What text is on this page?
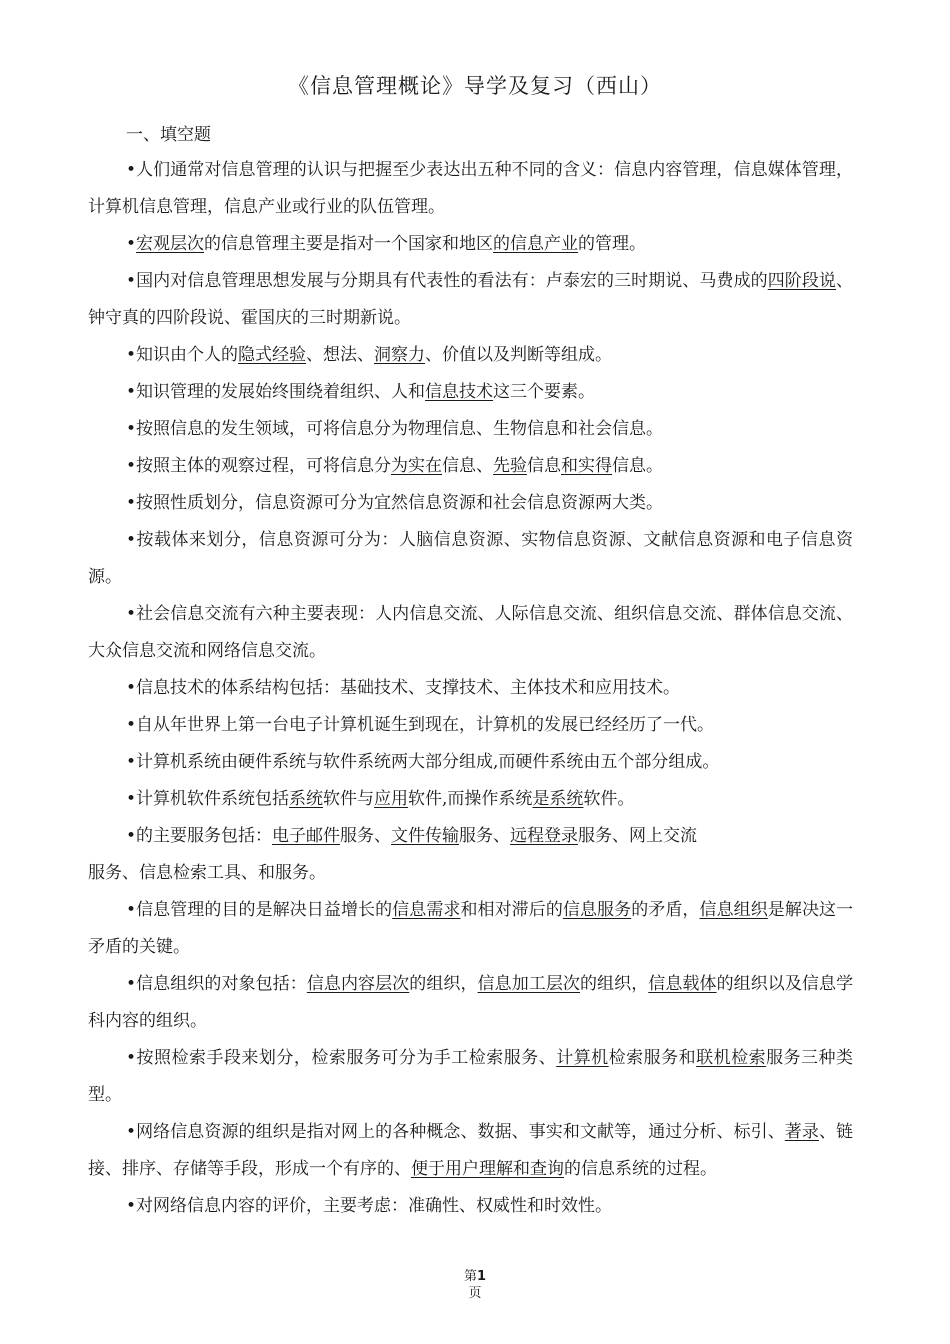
《信息管理概论》导学及复习（西山）

一、填空题

•人们通常对信息管理的认识与把握至少表达出五种不同的含义：信息内容管理，信息媒体管理，计算机信息管理，信息产业或行业的队伍管理。

•宏观层次的信息管理主要是指对一个国家和地区的信息产业的管理。

•国内对信息管理思想发展与分期具有代表性的看法有：卢泰宏的三时期说、马费成的四阶段说、钟守真的四阶段说、霍国庆的三时期新说。

•知识由个人的隐式经验、想法、洞察力、价值以及判断等组成。

•知识管理的发展始终围绕着组织、人和信息技术这三个要素。

•按照信息的发生领域，可将信息分为物理信息、生物信息和社会信息。

•按照主体的观察过程，可将信息分为实在信息、先验信息和实得信息。

•按照性质划分，信息资源可分为宜然信息资源和社会信息资源两大类。

•按载体来划分，信息资源可分为：人脑信息资源、实物信息资源、文献信息资源和电子信息资源。

•社会信息交流有六种主要表现：人内信息交流、人际信息交流、组织信息交流、群体信息交流、大众信息交流和网络信息交流。

•信息技术的体系结构包括：基础技术、支撑技术、主体技术和应用技术。

•自从年世界上第一台电子计算机诞生到现在，计算机的发展已经经历了一代。

•计算机系统由硬件系统与软件系统两大部分组成,而硬件系统由五个部分组成。

•计算机软件系统包括系统软件与应用软件,而操作系统是系统软件。

•的主要服务包括：电子邮件服务、文件传输服务、远程登录服务、网上交流
服务、信息检索工具、和服务。

•信息管理的目的是解决日益增长的信息需求和相对滞后的信息服务的矛盾，信息组织是解决这一矛盾的关键。

•信息组织的对象包括：信息内容层次的组织，信息加工层次的组织，信息载体的组织以及信息学科内容的组织。

•按照检索手段来划分，检索服务可分为手工检索服务、计算机检索服务和联机检索服务三种类型。

•网络信息资源的组织是指对网上的各种概念、数据、事实和文献等，通过分析、标引、著录、链接、排序、存储等手段，形成一个有序的、便于用户理解和查询的信息系统的过程。

•对网络信息内容的评价，主要考虑：准确性、权威性和时效性。

第1
页
